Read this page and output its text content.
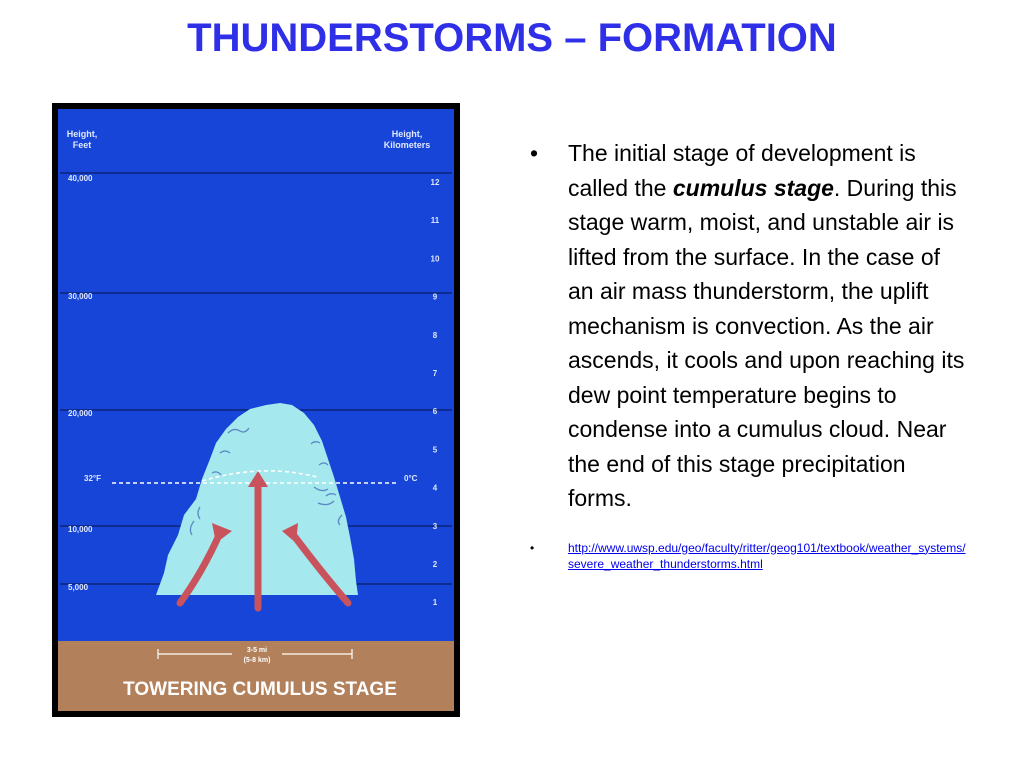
THUNDERSTORMS – FORMATION
Height,
Feet
Height,
Kilometers
40,000
30,000
20,000
10,000
5,000
12
11
10
9
8
7
6
5
4
3
2
1
32°F	0°C
3-5 mi
(5-8 km)
TOWERING CUMULUS STAGE
• The initial stage of development is called the cumulus stage. During this stage warm, moist, and unstable air is lifted from the surface. In the case of an air mass thunderstorm, the uplift mechanism is convection. As the air ascends, it cools and upon reaching its dew point temperature begins to condense into a cumulus cloud. Near the end of this stage precipitation forms.
•	http://www.uwsp.edu/geo/faculty/ritter/geog101/textbook/weather_systems/severe_weather_thunderstorms.html
